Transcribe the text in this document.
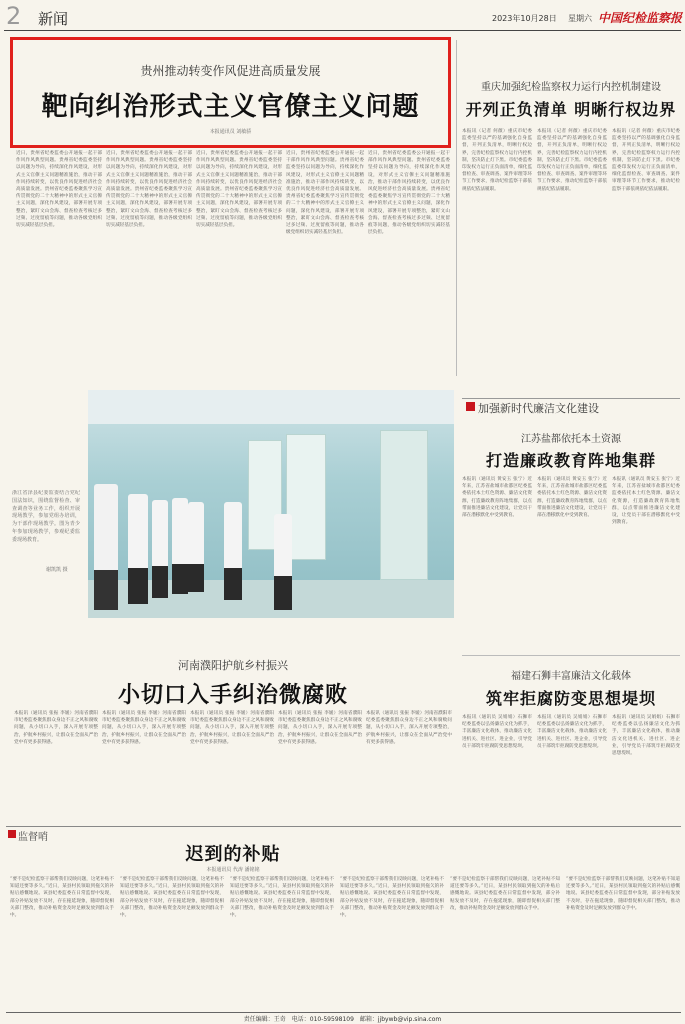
2 新闻	2023年10月28日 星期六 中国纪检监察报
贵州推动转变作风促进高质量发展
靶向纠治形式主义官僚主义问题
本报通讯员 刘敏骄
近日，贵州省纪委监委公开通报一起干部作风作风典型问题。贵州省纪委监委坚持以问题为导向，持续深化作风建设，对形式主义官僚主义问题精准施治，推动干部作风持续转变，以优良作风促进经济社会高质量发展。贵州省纪委监委聚焦学习宣传贯彻党的二十大精神中的形式主义官僚主义问题，深化作风建设，部署开展专项整治，紧盯文山会海、督查检查考核过多过频、过度留痕等问题，推动各级党组织切实减轻基层负担。
近日，贵州省纪委监委公开通报一起干部作风作风典型问题。贵州省纪委监委坚持以问题为导向，持续深化作风建设，对形式主义官僚主义问题精准施治，推动干部作风持续转变，以优良作风促进经济社会高质量发展。贵州省纪委监委聚焦学习宣传贯彻党的二十大精神中的形式主义官僚主义问题，深化作风建设，部署开展专项整治，紧盯文山会海、督查检查考核过多过频、过度留痕等问题，推动各级党组织切实减轻基层负担。
近日，贵州省纪委监委公开通报一起干部作风作风典型问题。贵州省纪委监委坚持以问题为导向，持续深化作风建设，对形式主义官僚主义问题精准施治，推动干部作风持续转变，以优良作风促进经济社会高质量发展。贵州省纪委监委聚焦学习宣传贯彻党的二十大精神中的形式主义官僚主义问题，深化作风建设，部署开展专项整治，紧盯文山会海、督查检查考核过多过频、过度留痕等问题，推动各级党组织切实减轻基层负担。
近日，贵州省纪委监委公开通报一起干部作风作风典型问题。贵州省纪委监委坚持以问题为导向，持续深化作风建设，对形式主义官僚主义问题精准施治，推动干部作风持续转变，以优良作风促进经济社会高质量发展。贵州省纪委监委聚焦学习宣传贯彻党的二十大精神中的形式主义官僚主义问题，深化作风建设，部署开展专项整治，紧盯文山会海、督查检查考核过多过频、过度留痕等问题，推动各级党组织切实减轻基层负担。
近日，贵州省纪委监委公开通报一起干部作风作风典型问题。贵州省纪委监委坚持以问题为导向，持续深化作风建设，对形式主义官僚主义问题精准施治，推动干部作风持续转变，以优良作风促进经济社会高质量发展。贵州省纪委监委聚焦学习宣传贯彻党的二十大精神中的形式主义官僚主义问题，深化作风建设，部署开展专项整治，紧盯文山会海、督查检查考核过多过频、过度留痕等问题，推动各级党组织切实减轻基层负担。
重庆加强纪检监察权力运行内控机制建设
开列正负清单 明晰行权边界
本报讯（记者 何薇）重庆市纪委监委坚持以严的基调强化自身监督，开列正负清单，明晰行权边界，完善纪检监察权力运行内控机制，坚决防止灯下黑。市纪委监委印发权力运行正负面清单，细化监督检查、审查调查、案件审理等环节工作要求，推动纪检监察干部依规依纪依法履职。
本报讯（记者 何薇）重庆市纪委监委坚持以严的基调强化自身监督，开列正负清单，明晰行权边界，完善纪检监察权力运行内控机制，坚决防止灯下黑。市纪委监委印发权力运行正负面清单，细化监督检查、审查调查、案件审理等环节工作要求，推动纪检监察干部依规依纪依法履职。
本报讯（记者 何薇）重庆市纪委监委坚持以严的基调强化自身监督，开列正负清单，明晰行权边界，完善纪检监察权力运行内控机制，坚决防止灯下黑。市纪委监委印发权力运行正负面清单，细化监督检查、审查调查、案件审理等环节工作要求，推动纪检监察干部依规依纪依法履职。
加强新时代廉洁文化建设
江苏盐都依托本土资源
打造廉政教育阵地集群
本报讯（通讯员 黄安玉 张宁）近年来，江苏省盐城市盐都区纪委监委依托本土红色资源、廉洁文化资源，打造廉政教育阵地集群，以点带面推进廉洁文化建设，让党员干部在潜移默化中受到教育。
本报讯（通讯员 黄安玉 张宁）近年来，江苏省盐城市盐都区纪委监委依托本土红色资源、廉洁文化资源，打造廉政教育阵地集群，以点带面推进廉洁文化建设，让党员干部在潜移默化中受到教育。
本报讯（通讯员 黄安玉 张宁）近年来，江苏省盐城市盐都区纪委监委依托本土红色资源、廉洁文化资源，打造廉政教育阵地集群，以点带面推进廉洁文化建设，让党员干部在潜移默化中受到教育。
福建石狮丰富廉洁文化载体
筑牢拒腐防变思想堤坝
本报讯（通讯员 吴娟娟）石狮市纪委监委以弘扬廉洁文化为抓手，丰富廉洁文化载体，推动廉洁文化进机关、进社区、进企业，引导党员干部筑牢拒腐防变思想堤坝。
本报讯（通讯员 吴娟娟）石狮市纪委监委以弘扬廉洁文化为抓手，丰富廉洁文化载体，推动廉洁文化进机关、进社区、进企业，引导党员干部筑牢拒腐防变思想堤坝。
本报讯（通讯员 吴娟娟）石狮市纪委监委以弘扬廉洁文化为抓手，丰富廉洁文化载体，推动廉洁文化进机关、进社区、进企业，引导党员干部筑牢拒腐防变思想堤坝。
浙江省泽县纪委监委结合党纪国法知识，围绕监督检查、审查调查等业务工作，组织开展现场教学，参加党组办培训，为干部作现场教学。图为青少年参加现场教学，参观纪委监委现场教育。
谢凯凯 摄
河南濮阳护航乡村振兴
小切口入手纠治微腐败
本报讯（通讯员 张振 李媛）河南省濮阳市纪委监委聚焦群众身边不正之风和腐败问题，从小切口入手，深入开展专项整治，护航乡村振兴，让群众在全面从严治党中有更多获得感。
本报讯（通讯员 张振 李媛）河南省濮阳市纪委监委聚焦群众身边不正之风和腐败问题，从小切口入手，深入开展专项整治，护航乡村振兴，让群众在全面从严治党中有更多获得感。
本报讯（通讯员 张振 李媛）河南省濮阳市纪委监委聚焦群众身边不正之风和腐败问题，从小切口入手，深入开展专项整治，护航乡村振兴，让群众在全面从严治党中有更多获得感。
本报讯（通讯员 张振 李媛）河南省濮阳市纪委监委聚焦群众身边不正之风和腐败问题，从小切口入手，深入开展专项整治，护航乡村振兴，让群众在全面从严治党中有更多获得感。
本报讯（通讯员 张振 李媛）河南省濮阳市纪委监委聚焦群众身边不正之风和腐败问题，从小切口入手，深入开展专项整治，护航乡村振兴，让群众在全面从严治党中有更多获得感。
监督哨
迟到的补贴
本报通讯员 代涛 潘铭铭
“要不是纪检监察干部帮我们反映问题，这笔补贴不知道还要等多久。”近日，某县村民领取到拖欠的补贴后感慨地说。该县纪委监委在日常监督中发现，部分补贴发放不及时，存在拖延现象，随即督促相关部门整改，推动补贴资金及时足额发放到群众手中。
“要不是纪检监察干部帮我们反映问题，这笔补贴不知道还要等多久。”近日，某县村民领取到拖欠的补贴后感慨地说。该县纪委监委在日常监督中发现，部分补贴发放不及时，存在拖延现象，随即督促相关部门整改，推动补贴资金及时足额发放到群众手中。
“要不是纪检监察干部帮我们反映问题，这笔补贴不知道还要等多久。”近日，某县村民领取到拖欠的补贴后感慨地说。该县纪委监委在日常监督中发现，部分补贴发放不及时，存在拖延现象，随即督促相关部门整改，推动补贴资金及时足额发放到群众手中。
“要不是纪检监察干部帮我们反映问题，这笔补贴不知道还要等多久。”近日，某县村民领取到拖欠的补贴后感慨地说。该县纪委监委在日常监督中发现，部分补贴发放不及时，存在拖延现象，随即督促相关部门整改，推动补贴资金及时足额发放到群众手中。
“要不是纪检监察干部帮我们反映问题，这笔补贴不知道还要等多久。”近日，某县村民领取到拖欠的补贴后感慨地说。该县纪委监委在日常监督中发现，部分补贴发放不及时，存在拖延现象，随即督促相关部门整改，推动补贴资金及时足额发放到群众手中。
“要不是纪检监察干部帮我们反映问题，这笔补贴不知道还要等多久。”近日，某县村民领取到拖欠的补贴后感慨地说。该县纪委监委在日常监督中发现，部分补贴发放不及时，存在拖延现象，随即督促相关部门整改，推动补贴资金及时足额发放到群众手中。
责任编辑：王奇　电话：010-59598109　邮箱：jjbywb@vip.sina.com
